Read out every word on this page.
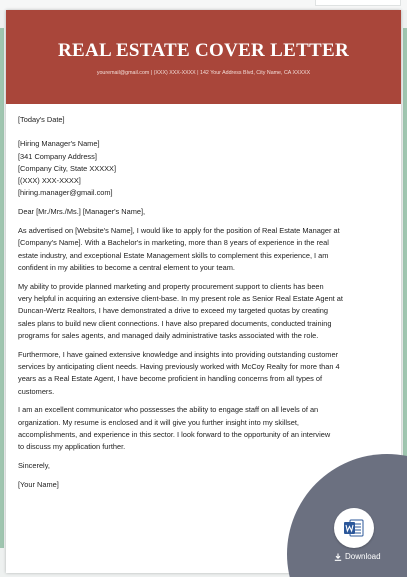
REAL ESTATE COVER LETTER
youremail@gmail.com | (XXX) XXX-XXXX | 142 Your Address Blvd, City Name, CA XXXXX
[Today's Date]
[Hiring Manager's Name]
[341 Company Address]
[Company City, State XXXXX]
[(XXX) XXX-XXXX]
[hiring.manager@gmail.com]
Dear [Mr./Mrs./Ms.] [Manager's Name],
As advertised on [Website's Name], I would like to apply for the position of Real Estate Manager at
[Company's Name]. With a Bachelor's in marketing, more than 8 years of experience in the real
estate industry, and exceptional Estate Management skills to complement this experience, I am
confident in my abilities to become a central element to your team.
My ability to provide planned marketing and property procurement support to clients has been
very helpful in acquiring an extensive client-base. In my present role as Senior Real Estate Agent at
Duncan-Wertz Realtors, I have demonstrated a drive to exceed my targeted quotas by creating
sales plans to build new client connections. I have also prepared documents, conducted training
programs for sales agents, and managed daily administrative tasks associated with the role.
Furthermore, I have gained extensive knowledge and insights into providing outstanding customer
services by anticipating client needs. Having previously worked with McCoy Realty for more than 4
years as a Real Estate Agent, I have become proficient in handling concerns from all types of
customers.
I am an excellent communicator who possesses the ability to engage staff on all levels of an
organization. My resume is enclosed and it will give you further insight into my skillset,
accomplishments, and experience in this sector. I look forward to the opportunity of an interview
to discuss my application further.
Sincerely,
[Your Name]
Download
